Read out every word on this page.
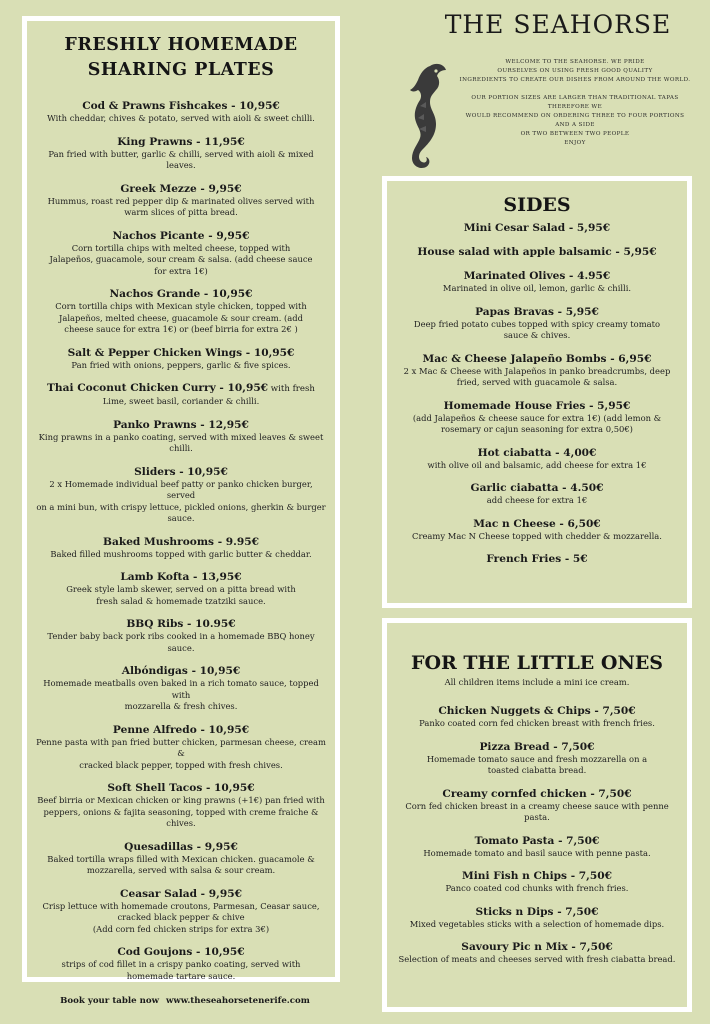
THE SEAHORSE

WELCOME TO THE SEAHORSE. WE PRIDE
OURSELVES ON USING FRESH GOOD QUALITY
INGREDIENTS TO CREATE OUR DISHES FROM AROUND THE WORLD.

OUR PORTION SIZES ARE LARGER THAN TRADITIONAL TAPAS THEREFORE WE
WOULD RECOMMEND ON ORDERING THREE TO FOUR PORTIONS AND A SIDE
OR TWO BETWEEN TWO PEOPLE
ENJOY

FRESHLY HOMEMADE
SHARING PLATES
Cod & Prawns Fishcakes - 10,95€
With cheddar, chives & potato, served with aioli & sweet chilli.
King Prawns - 11,95€
Pan fried with butter, garlic & chilli, served with aioli & mixed
leaves.
Greek Mezze - 9,95€
Hummus, roast red pepper dip & marinated olives served with
warm slices of pitta bread.
Nachos Picante - 9,95€
Corn tortilla chips with melted cheese, topped with
Jalapeños, guacamole, sour cream & salsa. (add cheese sauce
for extra 1€)
Nachos Grande - 10,95€
Corn tortilla chips with Mexican style chicken, topped with
Jalapeños, melted cheese, guacamole & sour cream. (add
cheese sauce for extra 1€) or (beef birria for extra 2€ )
Salt & Pepper Chicken Wings - 10,95€
Pan fried with onions, peppers, garlic & five spices.
Thai Coconut Chicken Curry - 10,95€ with fresh
Lime, sweet basil, coriander & chilli.
Panko Prawns - 12,95€
King prawns in a panko coating, served with mixed leaves & sweet chilli.
Sliders - 10,95€
2 x Homemade individual beef patty or panko chicken burger, served
on a mini bun, with crispy lettuce, pickled onions, gherkin & burger
sauce.
Baked Mushrooms - 9.95€
Baked filled mushrooms topped with garlic butter & cheddar.
Lamb Kofta - 13,95€
Greek style lamb skewer, served on a pitta bread with
fresh salad & homemade tzatziki sauce.
BBQ Ribs - 10.95€
Tender baby back pork ribs cooked in a homemade BBQ honey
sauce.
Albóndigas - 10,95€
Homemade meatballs oven baked in a rich tomato sauce, topped with
mozzarella & fresh chives.
Penne Alfredo - 10,95€
Penne pasta with pan fried butter chicken, parmesan cheese, cream &
cracked black pepper, topped with fresh chives.
Soft Shell Tacos - 10,95€
Beef birria or Mexican chicken or king prawns (+1€) pan fried with
peppers, onions & fajita seasoning, topped with creme fraiche &
chives.
Quesadillas - 9,95€
Baked tortilla wraps filled with Mexican chicken. guacamole &
mozzarella, served with salsa & sour cream.
Ceasar Salad - 9,95€
Crisp lettuce with homemade croutons, Parmesan, Ceasar sauce,
cracked black pepper & chive
(Add corn fed chicken strips for extra 3€)
Cod Goujons - 10,95€
strips of cod fillet in a crispy panko coating, served with
homemade tartare sauce.
SIDES
Mini Cesar Salad - 5,95€
House salad with apple balsamic - 5,95€
Marinated Olives - 4.95€
Marinated in olive oil, lemon, garlic & chilli.
Papas Bravas - 5,95€
Deep fried potato cubes topped with spicy creamy tomato
sauce & chives.
Mac & Cheese Jalapeño Bombs - 6,95€
2 x Mac & Cheese with Jalapeños in panko breadcrumbs, deep
fried, served with guacamole & salsa.
Homemade House Fries - 5,95€
(add Jalapeños & cheese sauce for extra 1€) (add lemon &
rosemary or cajun seasoning for extra 0,50€)
Hot ciabatta - 4,00€
with olive oil and balsamic, add cheese for extra 1€
Garlic ciabatta - 4.50€
add cheese for extra 1€
Mac n Cheese - 6,50€
Creamy Mac N Cheese topped with chedder & mozzarella.
French Fries - 5€
FOR THE LITTLE ONES
All children items include a mini ice cream.
Chicken Nuggets & Chips - 7,50€
Panko coated corn fed chicken breast with french fries.
Pizza Bread - 7,50€
Homemade tomato sauce and fresh mozzarella on a
toasted ciabatta bread.
Creamy cornfed chicken - 7,50€
Corn fed chicken breast in a creamy cheese sauce with penne pasta.
Tomato Pasta - 7,50€
Homemade tomato and basil sauce with penne pasta.
Mini Fish n Chips - 7,50€
Panco coated cod chunks with french fries.
Sticks n Dips - 7,50€
Mixed vegetables sticks with a selection of homemade dips.
Savoury Pic n Mix - 7,50€
Selection of meats and cheeses served with fresh ciabatta bread.
Book your table now www.theseahorsetenerife.com
